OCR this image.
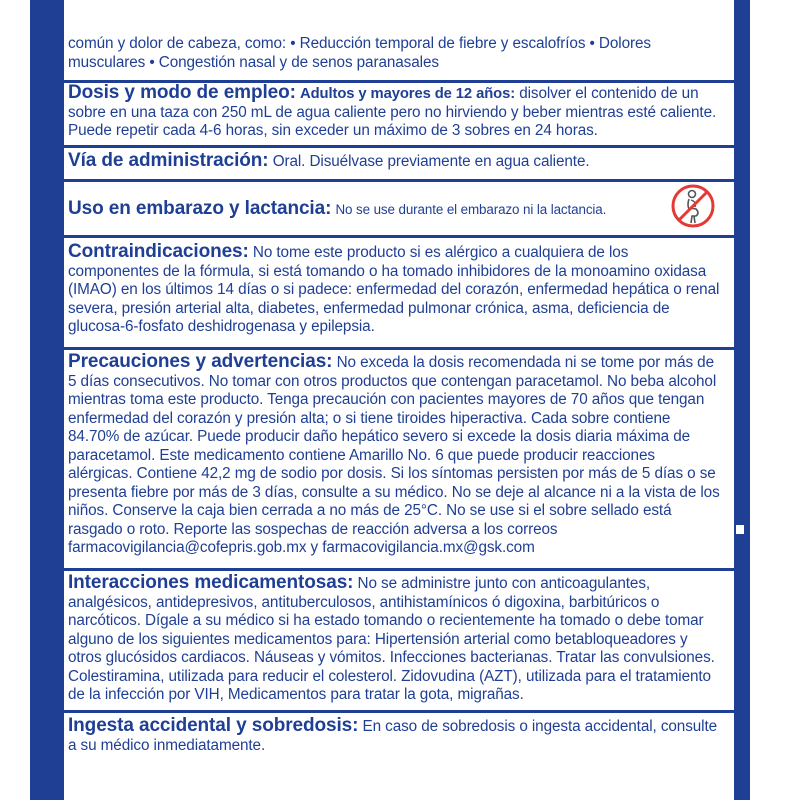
común y dolor de cabeza, como: • Reducción temporal de fiebre y escalofríos • Dolores musculares • Congestión nasal y de senos paranasales
Dosis y modo de empleo: Adultos y mayores de 12 años: disolver el contenido de un sobre en una taza con 250 mL de agua caliente pero no hirviendo y beber mientras esté caliente. Puede repetir cada 4-6 horas, sin exceder un máximo de 3 sobres en 24 horas.
Vía de administración: Oral. Disuélvase previamente en agua caliente.
Uso en embarazo y lactancia: No se use durante el embarazo ni la lactancia.
Contraindicaciones: No tome este producto si es alérgico a cualquiera de los componentes de la fórmula, si está tomando o ha tomado inhibidores de la monoamino oxidasa (IMAO) en los últimos 14 días o si padece: enfermedad del corazón, enfermedad hepática o renal severa, presión arterial alta, diabetes, enfermedad pulmonar crónica, asma, deficiencia de glucosa-6-fosfato deshidrogenasa y epilepsia.
Precauciones y advertencias: No exceda la dosis recomendada ni se tome por más de 5 días consecutivos. No tomar con otros productos que contengan paracetamol. No beba alcohol mientras toma este producto. Tenga precaución con pacientes mayores de 70 años que tengan enfermedad del corazón y presión alta; o si tiene tiroides hiperactiva. Cada sobre contiene 84.70% de azúcar. Puede producir daño hepático severo si excede la dosis diaria máxima de paracetamol. Este medicamento contiene Amarillo No. 6 que puede producir reacciones alérgicas. Contiene 42,2 mg de sodio por dosis. Si los síntomas persisten por más de 5 días o se presenta fiebre por más de 3 días, consulte a su médico. No se deje al alcance ni a la vista de los niños. Conserve la caja bien cerrada a no más de 25°C. No se use si el sobre sellado está rasgado o roto. Reporte las sospechas de reacción adversa a los correos farmacovigilancia@cofepris.gob.mx y farmacovigilancia.mx@gsk.com
Interacciones medicamentosas: No se administre junto con anticoagulantes, analgésicos, antidepresivos, antituberculosos, antihistamínicos ó digoxina, barbitúricos o narcóticos. Dígale a su médico si ha estado tomando o recientemente ha tomado o debe tomar alguno de los siguientes medicamentos para: Hipertensión arterial como betabloqueadores y otros glucósidos cardiacos. Náuseas y vómitos. Infecciones bacterianas. Tratar las convulsiones. Colestiramina, utilizada para reducir el colesterol. Zidovudina (AZT), utilizada para el tratamiento de la infección por VIH, Medicamentos para tratar la gota, migrañas.
Ingesta accidental y sobredosis: En caso de sobredosis o ingesta accidental, consulte a su médico inmediatamente.
